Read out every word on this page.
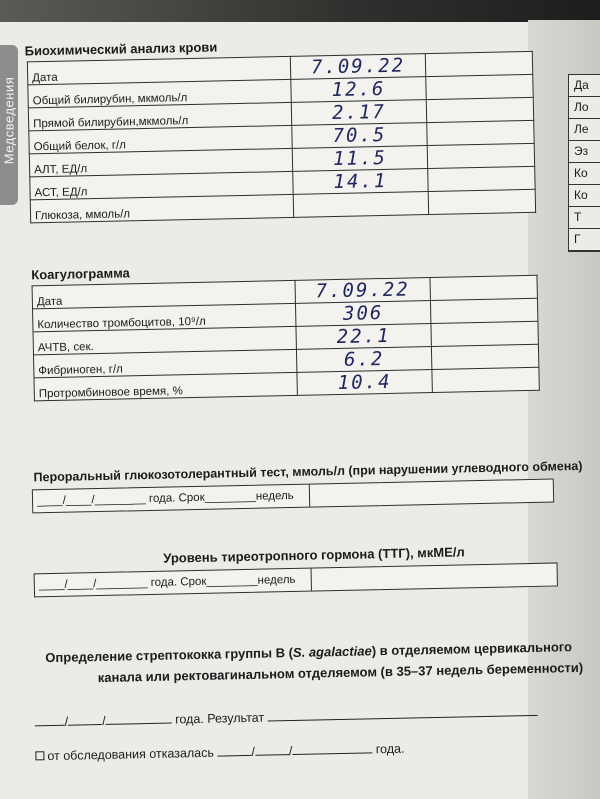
Да
Ло
Ле
Эз
Ко
Ко
Т
Г
Медсведения
Биохимический анализ крови
Дата	7.09.22	
Общий билирубин, мкмоль/л	12.6	
Прямой билирубин,мкмоль/л	2.17	
Общий белок, г/л	70.5	
АЛТ, ЕД/л	11.5	
АСТ, ЕД/л	14.1	
Глюкоза, ммоль/л		
Коагулограмма
Дата	7.09.22	
Количество тромбоцитов, 10⁹/л	306	
АЧТВ, сек.	22.1	
Фибриноген, г/л	6.2	
Протромбиновое время, %	10.4	
Пероральный глюкозотолерантный тест, ммоль/л (при нарушении углеводного обмена)
____/____/________ года. Срок________недель
Уровень тиреотропного гормона (ТТГ), мкМЕ/л
____/____/________ года. Срок________недель
Определение стрептококка группы В (S. agalactiae) в отделяемом цервикального
канала или ректовагинальном отделяемом (в 35–37 недель беременности)
/	/	года. Результат
от обследования отказалась	/	/	года.
